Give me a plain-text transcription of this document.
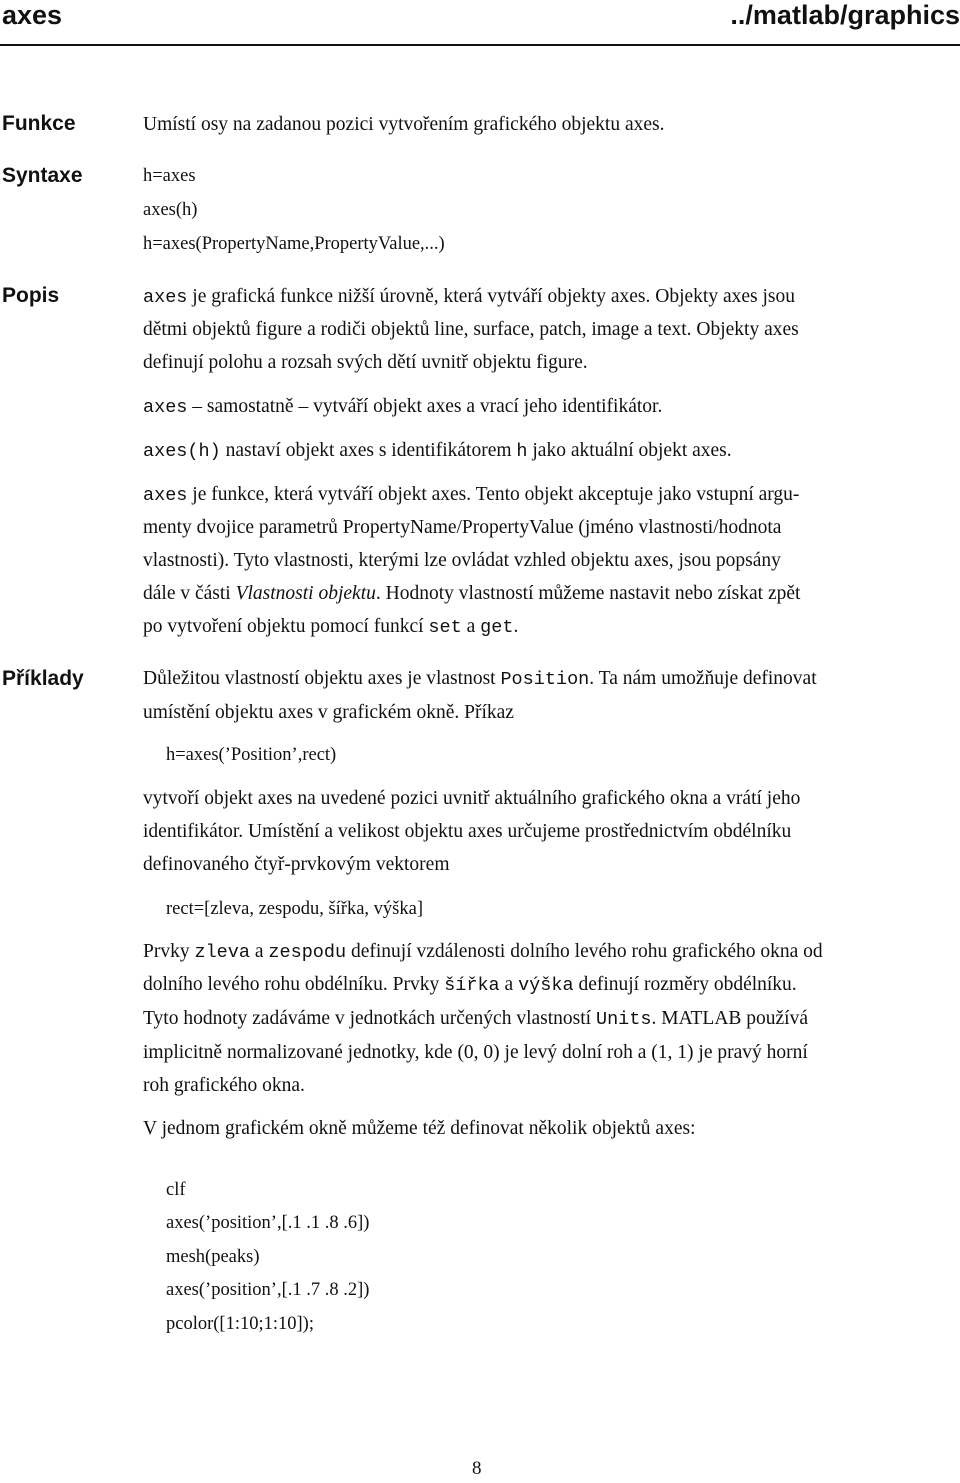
axes	../matlab/graphics
Funkce	Umístí osy na zadanou pozici vytvořením grafického objektu axes.
Syntaxe	h=axes
axes(h)
h=axes(PropertyName,PropertyValue,...)
Popis	axes je grafická funkce nižší úrovně, která vytváří objekty axes. Objekty axes jsou
dětmi objektů figure a rodiči objektů line, surface, patch, image a text. Objekty axes
definují polohu a rozsah svých dětí uvnitř objektu figure.
axes – samostatně – vytváří objekt axes a vrací jeho identifikátor.
axes(h) nastaví objekt axes s identifikátorem h jako aktuální objekt axes.
axes je funkce, která vytváří objekt axes. Tento objekt akceptuje jako vstupní argu-
menty dvojice parametrů PropertyName/PropertyValue (jméno vlastnosti/hodnota
vlastnosti). Tyto vlastnosti, kterými lze ovládat vzhled objektu axes, jsou popsány
dále v části Vlastnosti objektu. Hodnoty vlastností můžeme nastavit nebo získat zpět
po vytvoření objektu pomocí funkcí set a get.
Příklady	Důležitou vlastností objektu axes je vlastnost Position. Ta nám umožňuje definovat
umístění objektu axes v grafickém okně. Příkaz
h=axes(’Position’,rect)
vytvoří objekt axes na uvedené pozici uvnitř aktuálního grafického okna a vrátí jeho
identifikátor. Umístění a velikost objektu axes určujeme prostřednictvím obdélníku
definovaného čtyř-prvkovým vektorem
rect=[zleva, zespodu, šířka, výška]
Prvky zleva a zespodu definují vzdálenosti dolního levého rohu grafického okna od
dolního levého rohu obdélníku. Prvky šířka a výška definují rozměry obdélníku.
Tyto hodnoty zadáváme v jednotkách určených vlastností Units. MATLAB používá
implicitně normalizované jednotky, kde (0, 0) je levý dolní roh a (1, 1) je pravý horní
roh grafického okna.
V jednom grafickém okně můžeme též definovat několik objektů axes:
clf
axes(’position’,[.1 .1 .8 .6])
mesh(peaks)
axes(’position’,[.1 .7 .8 .2])
pcolor([1:10;1:10]);
8
